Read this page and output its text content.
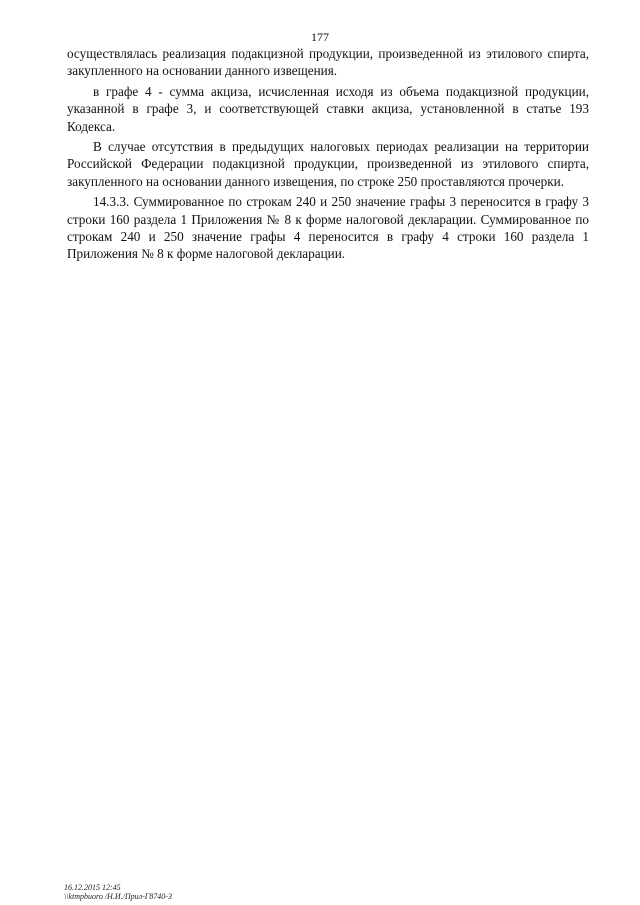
177

осуществлялась реализация подакцизной продукции, произведенной из этилового спирта, закупленного на основании данного извещения.

в графе 4 - сумма акциза, исчисленная исходя из объема подакцизной продукции, указанной в графе 3, и соответствующей ставки акциза, установленной в статье 193 Кодекса.

В случае отсутствия в предыдущих налоговых периодах реализации на территории Российской Федерации подакцизной продукции, произведенной из этилового спирта, закупленного на основании данного извещения, по строке 250 проставляются прочерки.

14.3.3. Суммированное по строкам 240 и 250 значение графы 3 переносится в графу 3 строки 160 раздела 1 Приложения № 8 к форме налоговой декларации. Суммированное по строкам 240 и 250 значение графы 4 переносится в графу 4 строки 160 раздела 1 Приложения № 8 к форме налоговой декларации.

16.12.2015 12:45
\\ktmpbuoro /Н.И./Прил-Г8740-3
